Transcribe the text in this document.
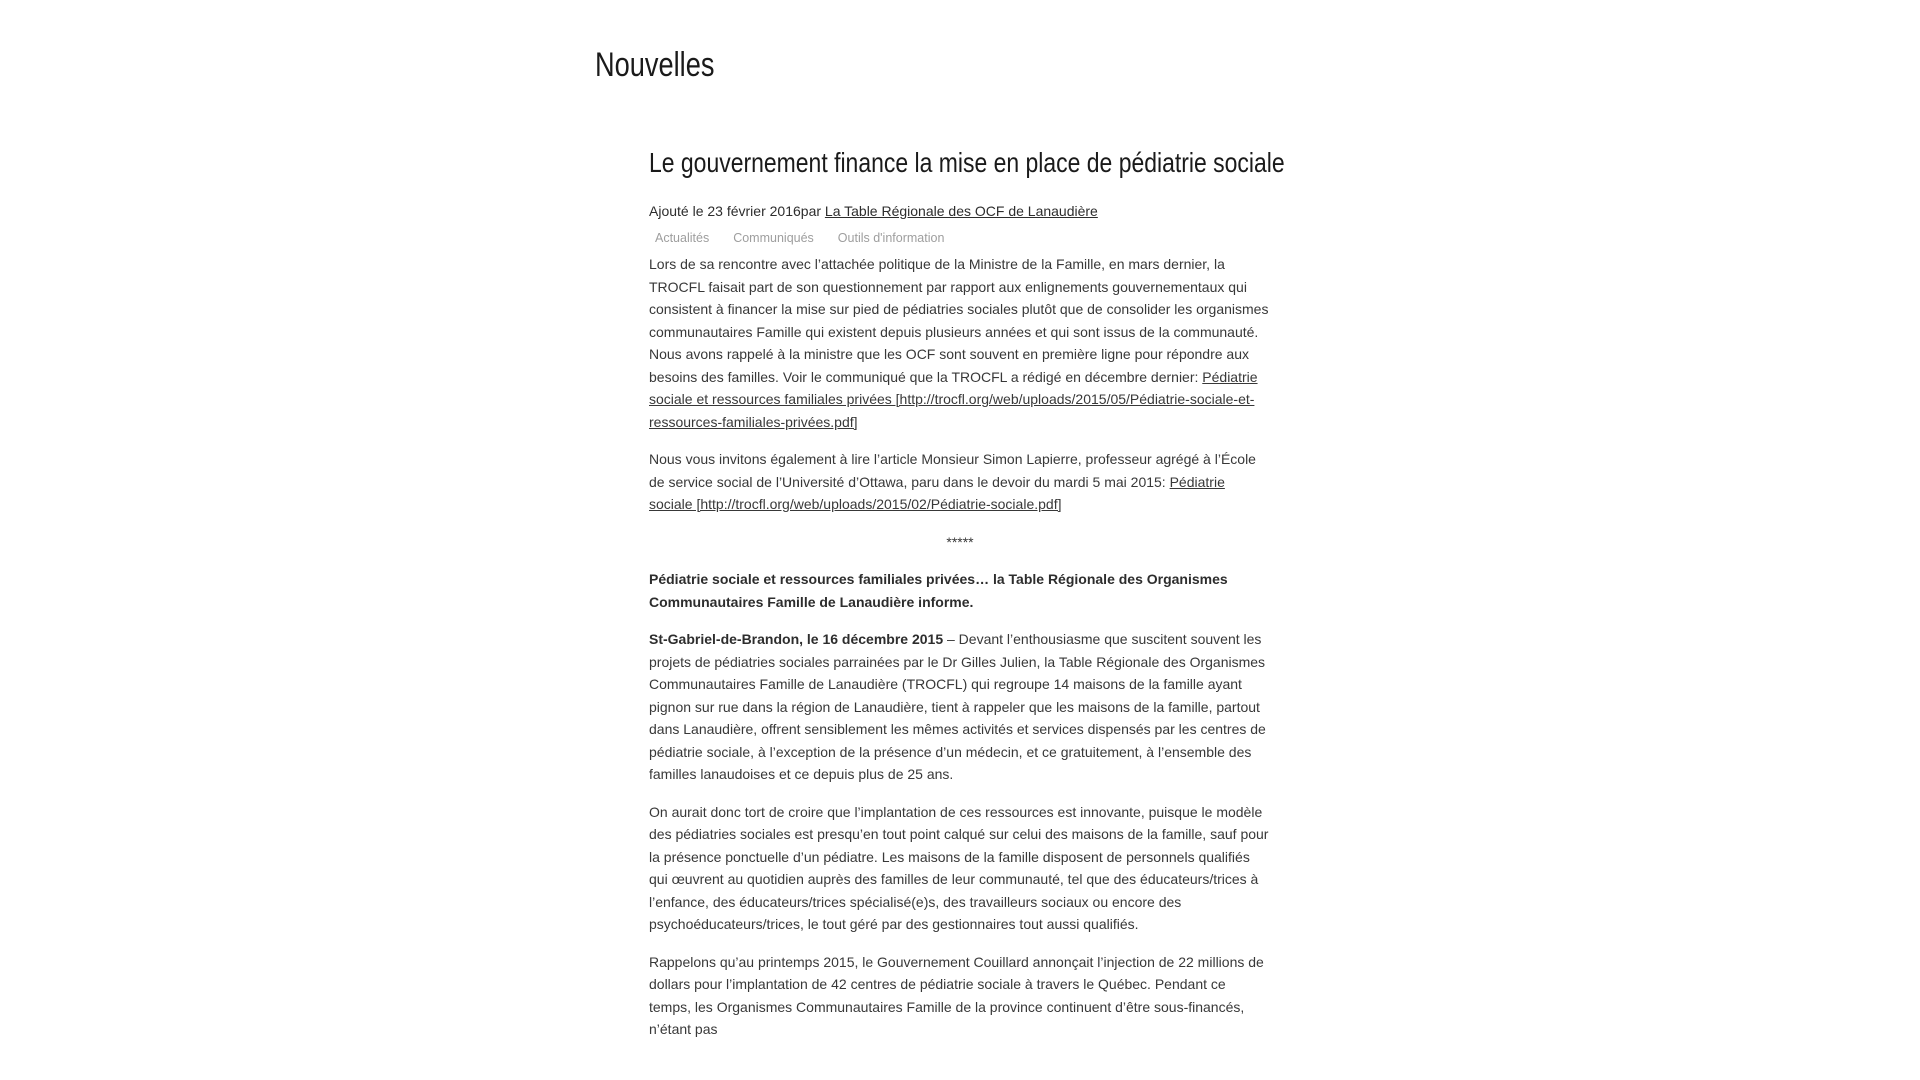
Nouvelles
Le gouvernement finance la mise en place de pédiatrie sociale
Ajouté le 23 février 2016par La Table Régionale des OCF de Lanaudière
Actualités Communiqués Outils d'information

Lors de sa rencontre avec l’attachée politique de la Ministre de la Famille, en mars dernier, la TROCFL faisait part de son questionnement par rapport aux enlignements gouvernementaux qui consistent à financer la mise sur pied de pédiatries sociales plutôt que de consolider les organismes communautaires Famille qui existent depuis plusieurs années et qui sont issus de la communauté. Nous avons rappelé à la ministre que les OCF sont souvent en première ligne pour répondre aux besoins des familles. Voir le communiqué que la TROCFL a rédigé en décembre dernier: Pédiatrie sociale et ressources familiales privées [http://trocfl.org/web/uploads/2015/05/Pédiatrie-sociale-et-ressources-familiales-privées.pdf]

Nous vous invitons également à lire l’article Monsieur Simon Lapierre, professeur agrégé à l’École de service social de l’Université d’Ottawa, paru dans le devoir du mardi 5 mai 2015: Pédiatrie sociale [http://trocfl.org/web/uploads/2015/02/Pédiatrie-sociale.pdf]

*****

Pédiatrie sociale et ressources familiales privées… la Table Régionale des Organismes Communautaires Famille de Lanaudière informe.

St-Gabriel-de-Brandon, le 16 décembre 2015 – Devant l’enthousiasme que suscitent souvent les projets de pédiatries sociales parrainées par le Dr Gilles Julien, la Table Régionale des Organismes Communautaires Famille de Lanaudière (TROCFL) qui regroupe 14 maisons de la famille ayant pignon sur rue dans la région de Lanaudière, tient à rappeler que les maisons de la famille, partout dans Lanaudière, offrent sensiblement les mêmes activités et services dispensés par les centres de pédiatrie sociale, à l’exception de la présence d’un médecin, et ce gratuitement, à l’ensemble des familles lanaudoises et ce depuis plus de 25 ans.

On aurait donc tort de croire que l’implantation de ces ressources est innovante, puisque le modèle des pédiatries sociales est presqu’en tout point calqué sur celui des maisons de la famille, sauf pour la présence ponctuelle d’un pédiatre. Les maisons de la famille disposent de personnels qualifiés qui œuvrent au quotidien auprès des familles de leur communauté, tel que des éducateurs/trices à l’enfance, des éducateurs/trices spécialisé(e)s, des travailleurs sociaux ou encore des psychoéducateurs/trices, le tout géré par des gestionnaires tout aussi qualifiés.

Rappelons qu’au printemps 2015, le Gouvernement Couillard annonçait l’injection de 22 millions de dollars pour l’implantation de 42 centres de pédiatrie sociale à travers le Québec. Pendant ce temps, les Organismes Communautaires Famille de la province continuent d’être sous-financés, n’étant pas
